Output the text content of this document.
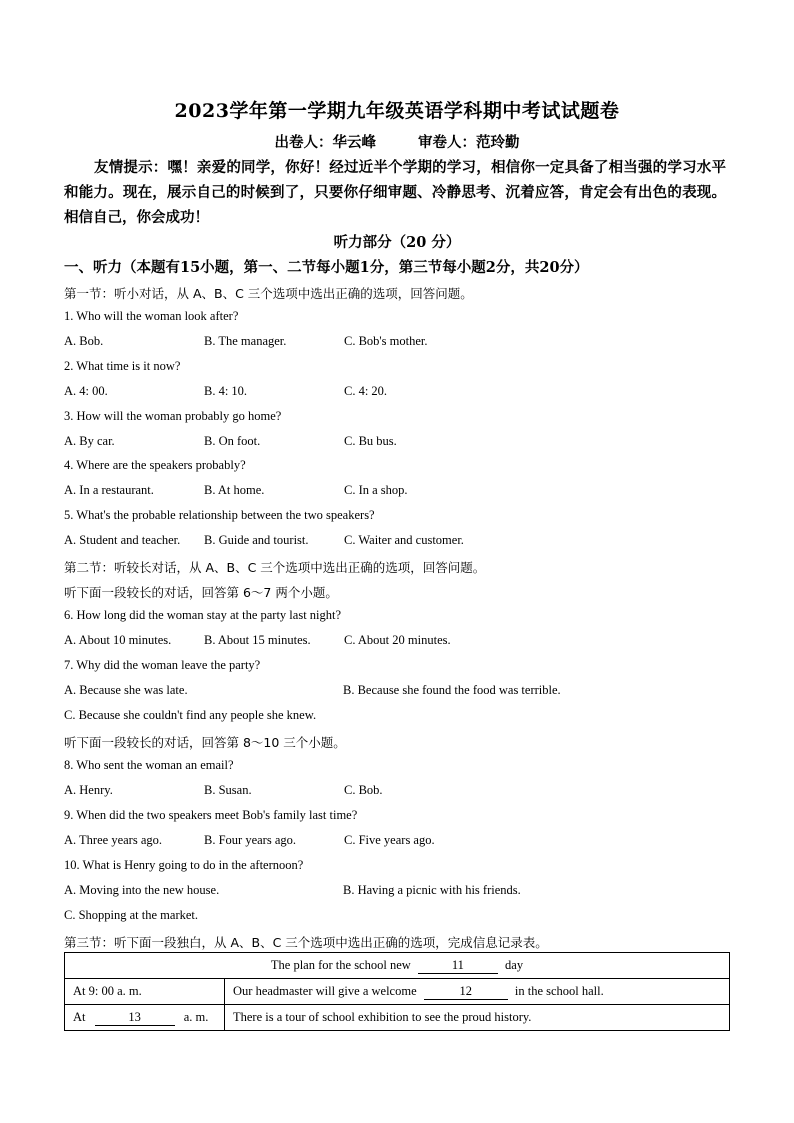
2023学年第一学期九年级英语学科期中考试试题卷
出卷人：华云峰	审卷人：范玲勤
友情提示：嘿！亲爱的同学，你好！经过近半个学期的学习，相信你一定具备了相当强的学习水平和能力。现在，展示自己的时候到了，只要你仔细审题、冷静思考、沉着应答，肯定会有出色的表现。相信自己，你会成功！
听力部分（20 分）
一、听力（本题有15小题，第一、二节每小题1分，第三节每小题2分，共20分）
第一节：听小对话，从 A、B、C 三个选项中选出正确的选项，回答问题。
1. Who will the woman look after?
A. Bob.	B. The manager.	C. Bob's mother.
2. What time is it now?
A. 4: 00.	B. 4: 10.	C. 4: 20.
3. How will the woman probably go home?
A. By car.	B. On foot.	C. Bu bus.
4. Where are the speakers probably?
A. In a restaurant.	B. At home.	C. In a shop.
5. What's the probable relationship between the two speakers?
A. Student and teacher. B. Guide and tourist.	C. Waiter and customer.
第二节：听较长对话，从 A、B、C 三个选项中选出正确的选项，回答问题。
听下面一段较长的对话，回答第 6～7 两个小题。
6. How long did the woman stay at the party last night?
A. About 10 minutes.	B. About 15 minutes.	C. About 20 minutes.
7. Why did the woman leave the party?
A. Because she was late.	B. Because she found the food was terrible.
C. Because she couldn't find any people she knew.
听下面一段较长的对话，回答第 8～10 三个小题。
8. Who sent the woman an email?
A. Henry.	B. Susan.	C. Bob.
9. When did the two speakers meet Bob's family last time?
A. Three years ago.	B. Four years ago.	C. Five years ago.
10. What is Henry going to do in the afternoon?
A. Moving into the new house.	B. Having a picnic with his friends.
C. Shopping at the market.
第三节：听下面一段独白，从 A、B、C 三个选项中选出正确的选项，完成信息记录表。
The plan for the school new 11 day	
At 9: 00 a. m.	Our headmaster will give a welcome 12 in the school hall.
At 13 a. m.	There is a tour of school exhibition to see the proud history.
